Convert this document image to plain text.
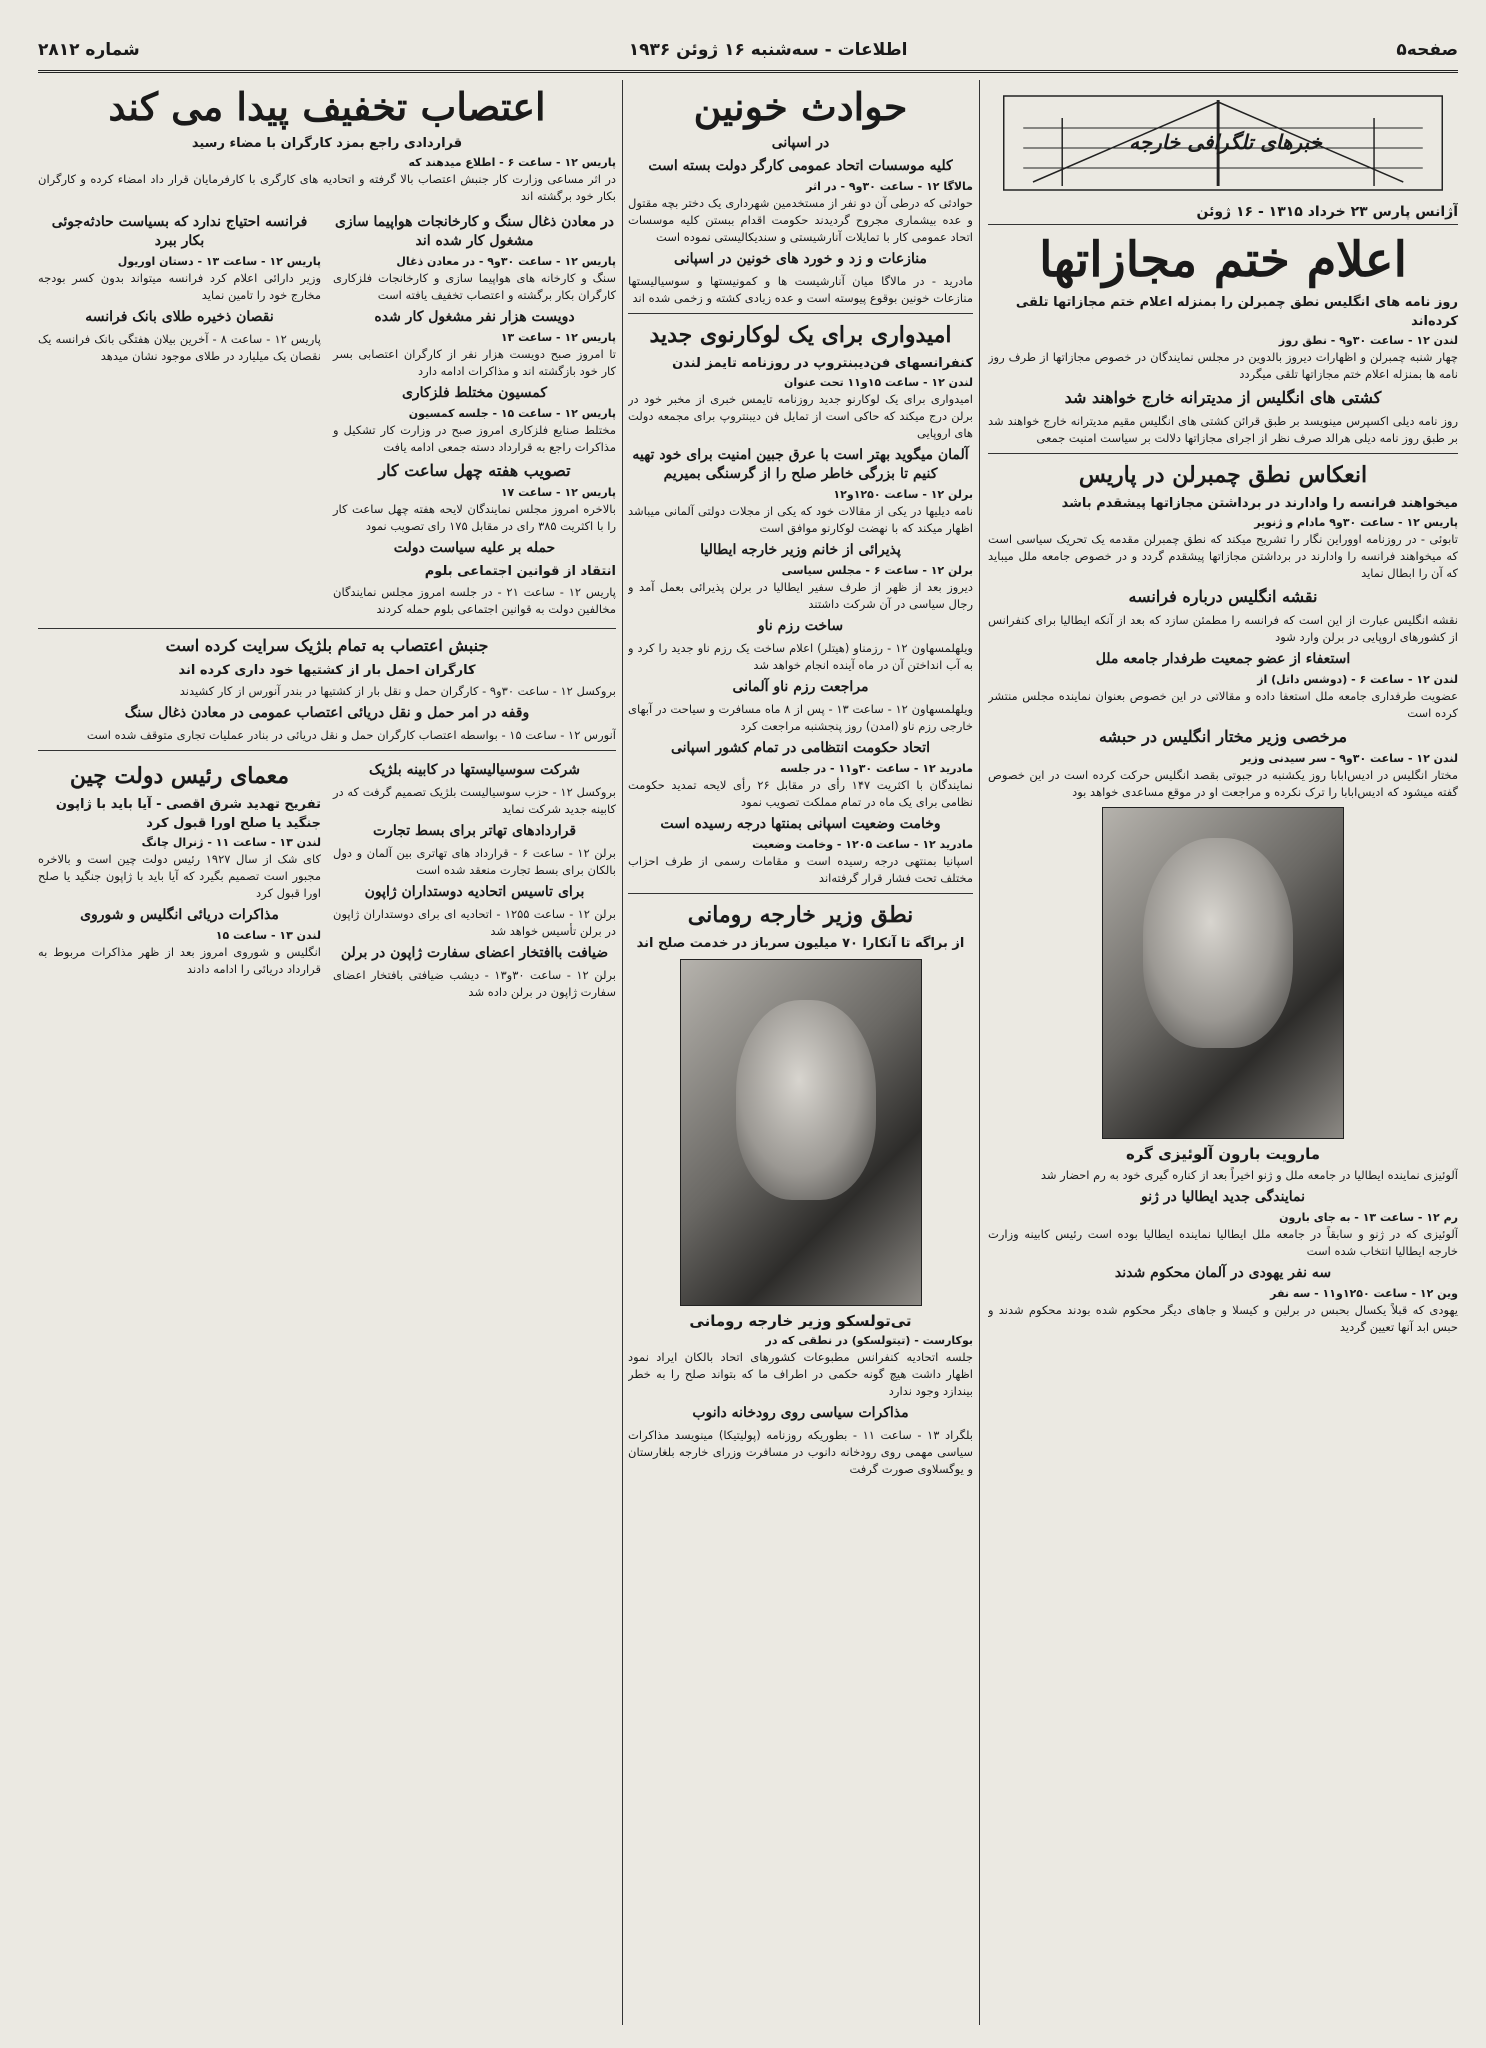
صفحه۵
اطلاعات - سه‌شنبه ۱۶ ژوئن ۱۹۳۶
شماره ۲۸۱۲
خبرهای تلگرافی خارجه
آژانس پارس ۲۳ خرداد ۱۳۱۵ - ۱۶ ژوئن
اعلام ختم مجازاتها
روز نامه های انگلیس نطق چمبرلن را بمنزله اعلام ختم مجازاتها تلقی کرده‌اند
لندن ۱۲ - ساعت ۳۰و۹ - نطق روز

چهار شنبه چمبرلن و اظهارات دیروز بالدوین در مجلس نمایندگان در خصوص مجازاتها از طرف روز نامه ها بمنزله اعلام ختم مجازاتها تلقی میگردد

کشتی های انگلیس از مدیترانه خارج خواهند شد

روز نامه دیلی اکسپرس مینویسد بر طبق قرائن کشتی های انگلیس مقیم مدیترانه خارج خواهند شد بر طبق روز نامه دیلی هرالد صرف نظر از اجرای مجازاتها دلالت بر سیاست امنیت جمعی

انعکاس نطق چمبرلن در پاریس
میخواهند فرانسه را وادارند در برداشتن مجازاتها پیشقدم باشد
پاریس ۱۲ - ساعت ۳۰و۹ مادام و ژنویر

تابوئی - در روزنامه اووراین نگار را تشریح میکند که نطق چمبرلن مقدمه یک تحریک سیاسی است که میخواهند فرانسه را وادارند در برداشتن مجازاتها پیشقدم گردد و در خصوص جامعه ملل میباید که آن را ابطال نماید

نقشه انگلیس درباره فرانسه

نقشه انگلیس عبارت از این است که فرانسه را مطمئن سازد که بعد از آنکه ایطالیا برای کنفرانس از کشورهای اروپایی در برلن وارد شود

استعفاء از عضو جمعیت طرفدار جامعه ملل
لندن ۱۲ - ساعت ۶ - (دوشس داتل) از

عضویت طرفداری جامعه ملل استعفا داده و مقالاتی در این خصوص بعنوان نماینده مجلس منتشر کرده است

مرخصی وزیر مختار انگلیس در حبشه
لندن ۱۲ - ساعت ۳۰و۹ - سر سیدنی وزیر

مختار انگلیس در ادیس‌ابابا روز یکشنبه در جبوتی بقصد انگلیس حرکت کرده است در این خصوص گفته میشود که ادیس‌ابابا را ترک نکرده و مراجعت او در موقع مساعدی خواهد بود

مارویت بارون آلوئیزی گره

آلوئیزی نماینده ایطالیا در جامعه ملل و ژنو اخیراً بعد از کناره گیری خود به رم احضار شد

نمایندگی جدید ایطالیا در ژنو
رم ۱۲ - ساعت ۱۳ - به جای بارون

آلوئیزی که در ژنو و سابقاً در جامعه ملل ایطالیا نماینده ایطالیا بوده است رئیس کابینه وزارت خارجه ایطالیا انتخاب شده است

سه نفر یهودی در آلمان محکوم شدند
وین ۱۲ - ساعت ۱۲۵۰و۱۱ - سه نفر

یهودی که قبلاً یکسال بحبس در برلین و کیسلا و جاهای دیگر محکوم شده بودند محکوم شدند و حبس ابد آنها تعیین گردید

حوادث خونین
در اسپانی
کلیه موسسات اتحاد عمومی کارگر دولت بسته است
مالاگا ۱۲ - ساعت ۳۰و۹ - در اثر

حوادثی که درطی آن دو نفر از مستخدمین شهرداری یک دختر بچه مقتول و عده بیشماری مجروح گردیدند حکومت اقدام ببستن کلیه موسسات اتحاد عمومی کار با تمایلات آنارشیستی و سندیکالیستی نموده است

منازعات و زد و خورد های خونین در اسپانی

مادرید - در مالاگا میان آنارشیست ها و کمونیستها و سوسیالیستها منازعات خونین بوقوع پیوسته است و عده زیادی کشته و زخمی شده اند

امیدواری برای یک لوکارنوی جدید
کنفرانسهای فن‌دیبنتروپ در روزنامه تایمز لندن
لندن ۱۲ - ساعت ۱۵و۱۱ تحت عنوان

امیدواری برای یک لوکارنو جدید روزنامه تایمس خبری از مخبر خود در برلن درج میکند که حاکی است از تمایل فن دیبنتروپ برای مجمعه دولت های اروپایی

آلمان میگوید بهتر است با عرق جبین امنیت برای خود تهیه کنیم تا بزرگی خاطر صلح را از گرسنگی بمیریم
برلن ۱۲ - ساعت ۱۲۵۰و۱۲

نامه دیلیها در یکی از مقالات خود که یکی از مجلات دولتی آلمانی میباشد اظهار میکند که با نهضت لوکارنو موافق است

پذیرائی از خانم وزیر خارجه ایطالیا
برلن ۱۲ - ساعت ۶ - مجلس سیاسی

دیروز بعد از ظهر از طرف سفیر ایطالیا در برلن پذیرائی بعمل آمد و رجال سیاسی در آن شرکت داشتند

ساخت رزم ناو

ویلهلمسهاون ۱۲ - رزمناو (هیتلر) اعلام ساخت یک رزم ناو جدید را کرد و به آب انداختن آن در ماه آینده انجام خواهد شد

مراجعت رزم ناو آلمانی

ویلهلمسهاون ۱۲ - ساعت ۱۳ - پس از ۸ ماه مسافرت و سیاحت در آبهای خارجی رزم ناو (امدن) روز پنجشنبه مراجعت کرد

اتحاد حکومت انتظامی در تمام کشور اسپانی
مادرید ۱۲ - ساعت ۳۰و۱۱ - در جلسه

نمایندگان با اکثریت ۱۴۷ رأی در مقابل ۲۶ رأی لایحه تمدید حکومت نظامی برای یک ماه در تمام مملکت تصویب نمود

وخامت وضعیت اسپانی بمنتها درجه رسیده است
مادرید ۱۲ - ساعت ۱۲۰۵ - وخامت وضعیت

اسپانیا بمنتهی درجه رسیده است و مقامات رسمی از طرف احزاب مختلف تحت فشار قرار گرفته‌اند

نطق وزیر خارجه رومانی
از براگه تا آنکارا ۷۰ میلیون سرباز در خدمت صلح اند
تی‌تولسکو وزیر خارجه رومانی
بوکارست - (تیتولسکو) در نطقی که در

جلسه اتحادیه کنفرانس مطبوعات کشورهای اتحاد بالکان ایراد نمود اظهار داشت هیچ گونه حکمی در اطراف ما که بتواند صلح را به خطر بیندازد وجود ندارد

مذاکرات سیاسی روی رودخانه دانوب

بلگراد ۱۳ - ساعت ۱۱ - بطوریکه روزنامه (پولیتیکا) مینویسد مذاکرات سیاسی مهمی روی رودخانه دانوب در مسافرت وزرای خارجه بلغارستان و یوگسلاوی صورت گرفت

اعتصاب تخفیف پیدا می کند
قراردادی راجع بمزد کارگران با مضاء رسید
پاریس ۱۲ - ساعت ۶ - اطلاع میدهند که

در اثر مساعی وزارت کار جنبش اعتصاب بالا گرفته و اتحادیه های کارگری با کارفرمایان قرار داد امضاء کرده و کارگران بکار خود برگشته اند

در معادن ذغال سنگ و کارخانجات هواپیما سازی مشغول کار شده اند
پاریس ۱۲ - ساعت ۳۰و۹ - در معادن ذغال

سنگ و کارخانه های هواپیما سازی و کارخانجات فلزکاری کارگران بکار برگشته و اعتصاب تخفیف یافته است

دویست هزار نفر مشغول کار شده
پاریس ۱۲ - ساعت ۱۳

تا امروز صبح دویست هزار نفر از کارگران اعتصابی بسر کار خود بازگشته اند و مذاکرات ادامه دارد

کمسیون مختلط فلزکاری
پاریس ۱۲ - ساعت ۱۵ - جلسه کمسیون

مختلط صنایع فلزکاری امروز صبح در وزارت کار تشکیل و مذاکرات راجع به قرارداد دسته جمعی ادامه یافت

تصویب هفته چهل ساعت کار
پاریس ۱۲ - ساعت ۱۷

بالاخره امروز مجلس نمایندگان لایحه هفته چهل ساعت کار را با اکثریت ۳۸۵ رای در مقابل ۱۷۵ رای تصویب نمود

حمله بر علیه سیاست دولت
انتقاد از قوانین اجتماعی بلوم

پاریس ۱۲ - ساعت ۲۱ - در جلسه امروز مجلس نمایندگان مخالفین دولت به قوانین اجتماعی بلوم حمله کردند

فرانسه احتیاج ندارد که بسیاست حادثه‌جوئی بکار ببرد
پاریس ۱۲ - ساعت ۱۳ - دستان اوریول

وزیر دارائی اعلام کرد فرانسه میتواند بدون کسر بودجه مخارج خود را تامین نماید

نقصان ذخیره طلای بانک فرانسه

پاریس ۱۲ - ساعت ۸ - آخرین بیلان هفتگی بانک فرانسه یک نقصان یک میلیارد در طلای موجود نشان میدهد

جنبش اعتصاب به تمام بلژیک سرایت کرده است
کارگران احمل بار از کشتیها خود داری کرده اند

بروکسل ۱۲ - ساعت ۳۰و۹ - کارگران حمل و نقل بار از کشتیها در بندر آنورس از کار کشیدند

وقفه در امر حمل و نقل دریائی اعتصاب عمومی در معادن ذغال سنگ

آنورس ۱۲ - ساعت ۱۵ - بواسطه اعتصاب کارگران حمل و نقل دریائی در بنادر عملیات تجاری متوقف شده است

شرکت سوسیالیستها در کابینه بلژیک

بروکسل ۱۲ - حزب سوسیالیست بلژیک تصمیم گرفت که در کابینه جدید شرکت نماید

قراردادهای تهاتر برای بسط تجارت

برلن ۱۲ - ساعت ۶ - قرارداد های تهاتری بین آلمان و دول بالکان برای بسط تجارت منعقد شده است

برای تاسیس اتحادیه دوستداران ژاپون

برلن ۱۲ - ساعت ۱۲۵۵ - اتحادیه ای برای دوستداران ژاپون در برلن تأسیس خواهد شد

ضیافت باافتخار اعضای سفارت ژاپون در برلن

برلن ۱۲ - ساعت ۳۰و۱۳ - دیشب ضیافتی بافتخار اعضای سفارت ژاپون در برلن داده شد

معمای رئیس دولت چین
تفریح تهدید شرق اقصی - آیا باید با ژاپون جنگید یا صلح اورا قبول کرد
لندن ۱۳ - ساعت ۱۱ - ژنرال چانگ

کای شک از سال ۱۹۲۷ رئیس دولت چین است و بالاخره مجبور است تصمیم بگیرد که آیا باید با ژاپون جنگید یا صلح اورا قبول کرد

مذاکرات دریائی انگلیس و شوروی
لندن ۱۳ - ساعت ۱۵

انگلیس و شوروی امروز بعد از ظهر مذاکرات مربوط به قرارداد دریائی را ادامه دادند
